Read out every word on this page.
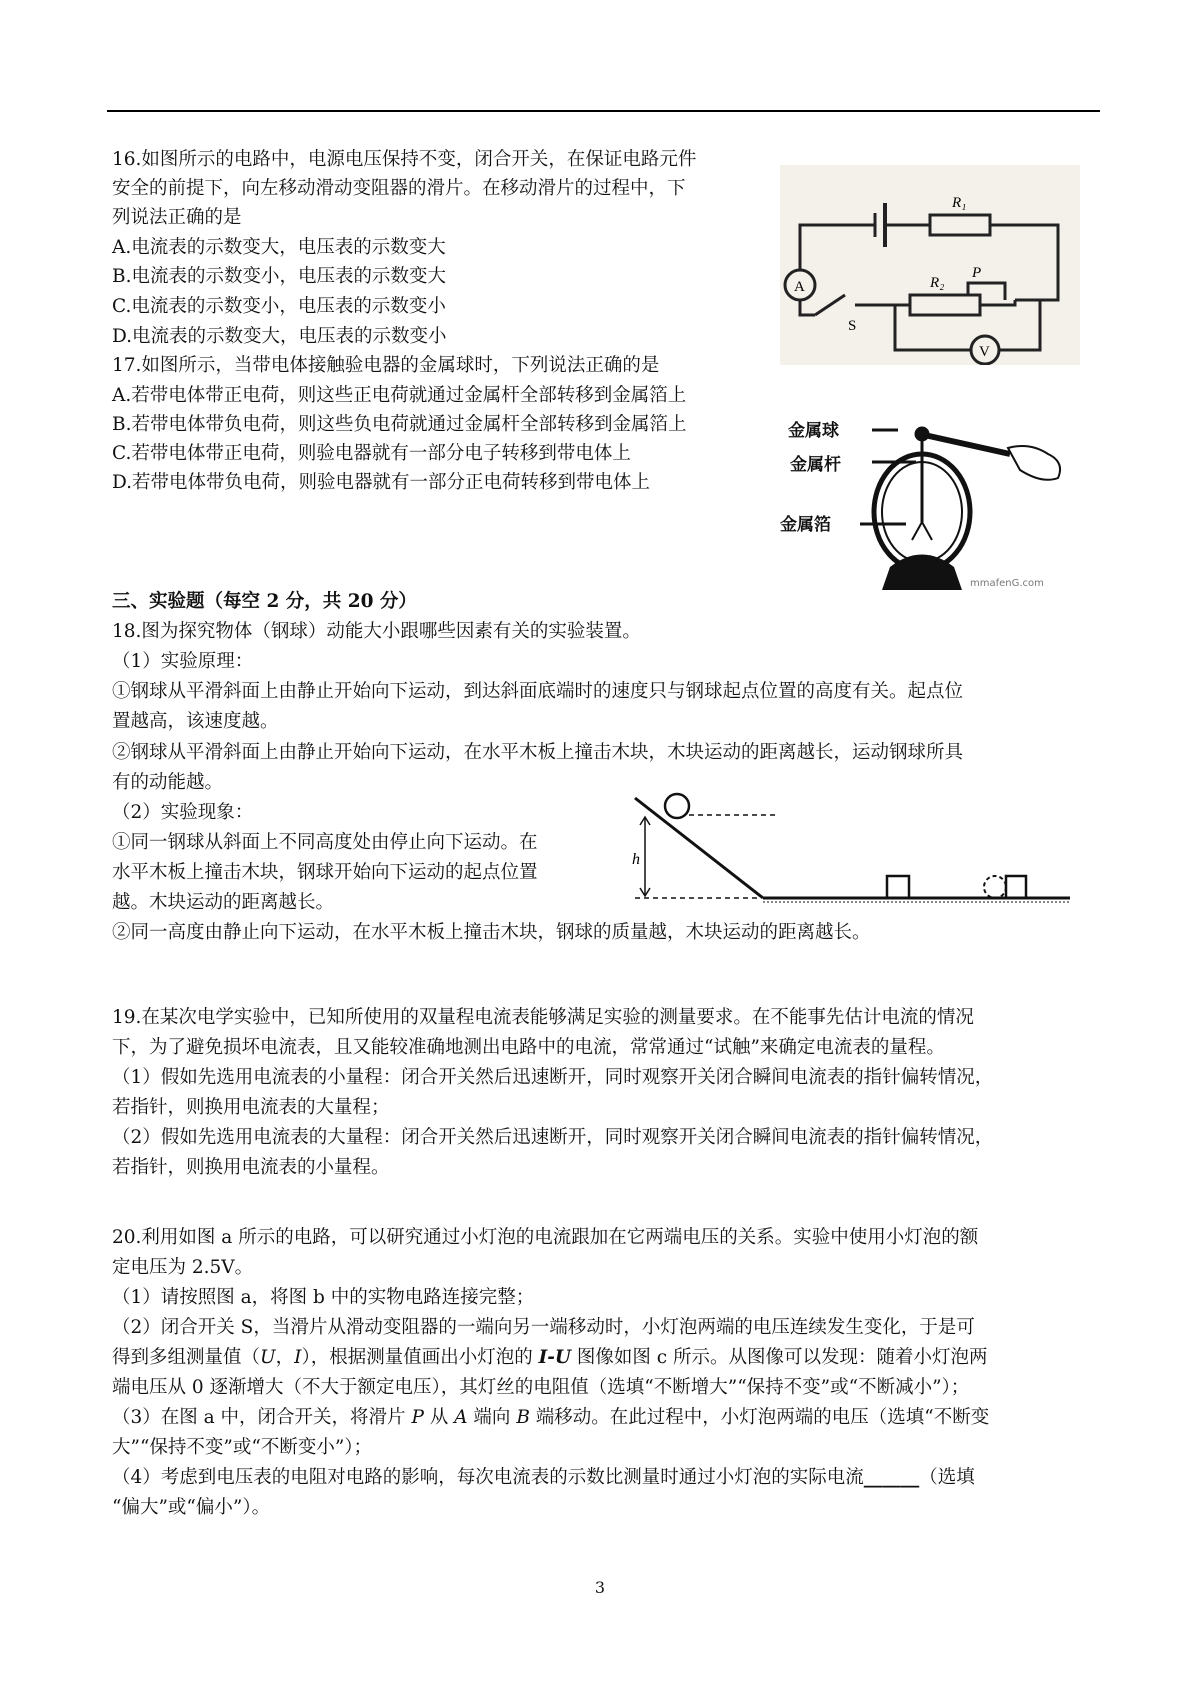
16.如图所示的电路中，电源电压保持不变，闭合开关，在保证电路元件
安全的前提下，向左移动滑动变阻器的滑片。在移动滑片的过程中，下
列说法正确的是
A.电流表的示数变大，电压表的示数变大
B.电流表的示数变小，电压表的示数变大
C.电流表的示数变小，电压表的示数变小
D.电流表的示数变大，电压表的示数变小
R₁
R₂
P
A
V
S
17.如图所示，当带电体接触验电器的金属球时，下列说法正确的是
A.若带电体带正电荷，则这些正电荷就通过金属杆全部转移到金属箔上
B.若带电体带负电荷，则这些负电荷就通过金属杆全部转移到金属箔上
C.若带电体带正电荷，则验电器就有一部分电子转移到带电体上
D.若带电体带负电荷，则验电器就有一部分正电荷转移到带电体上
金属球
金属杆
金属箔
mmafenG.com
三、实验题（每空 2 分，共 20 分）
18.图为探究物体（钢球）动能大小跟哪些因素有关的实验装置。
（1）实验原理：
①钢球从平滑斜面上由静止开始向下运动，到达斜面底端时的速度只与钢球起点位置的高度有关。起点位
置越高，该速度越。
②钢球从平滑斜面上由静止开始向下运动，在水平木板上撞击木块，木块运动的距离越长，运动钢球所具
有的动能越。
（2）实验现象：
①同一钢球从斜面上不同高度处由停止向下运动。在
水平木板上撞击木块，钢球开始向下运动的起点位置
越。木块运动的距离越长。
②同一高度由静止向下运动，在水平木板上撞击木块，钢球的质量越，木块运动的距离越长。
h
19.在某次电学实验中，已知所使用的双量程电流表能够满足实验的测量要求。在不能事先估计电流的情况
下，为了避免损坏电流表，且又能较准确地测出电路中的电流，常常通过“试触”来确定电流表的量程。
（1）假如先选用电流表的小量程：闭合开关然后迅速断开，同时观察开关闭合瞬间电流表的指针偏转情况，
若指针，则换用电流表的大量程；
（2）假如先选用电流表的大量程：闭合开关然后迅速断开，同时观察开关闭合瞬间电流表的指针偏转情况，
若指针，则换用电流表的小量程。
20.利用如图 a 所示的电路，可以研究通过小灯泡的电流跟加在它两端电压的关系。实验中使用小灯泡的额
定电压为 2.5V。
（1）请按照图 a，将图 b 中的实物电路连接完整；
（2）闭合开关 S，当滑片从滑动变阻器的一端向另一端移动时，小灯泡两端的电压连续发生变化，于是可
得到多组测量值（U，I），根据测量值画出小灯泡的 I-U 图像如图 c 所示。从图像可以发现：随着小灯泡两
端电压从 0 逐渐增大（不大于额定电压），其灯丝的电阻值（选填“不断增大”“保持不变”或“不断减小”）；
（3）在图 a 中，闭合开关，将滑片 P 从 A 端向 B 端移动。在此过程中，小灯泡两端的电压（选填“不断变
大”“保持不变”或“不断变小”）；
（4）考虑到电压表的电阻对电路的影响，每次电流表的示数比测量时通过小灯泡的实际电流______（选填
“偏大”或“偏小”）。
3
